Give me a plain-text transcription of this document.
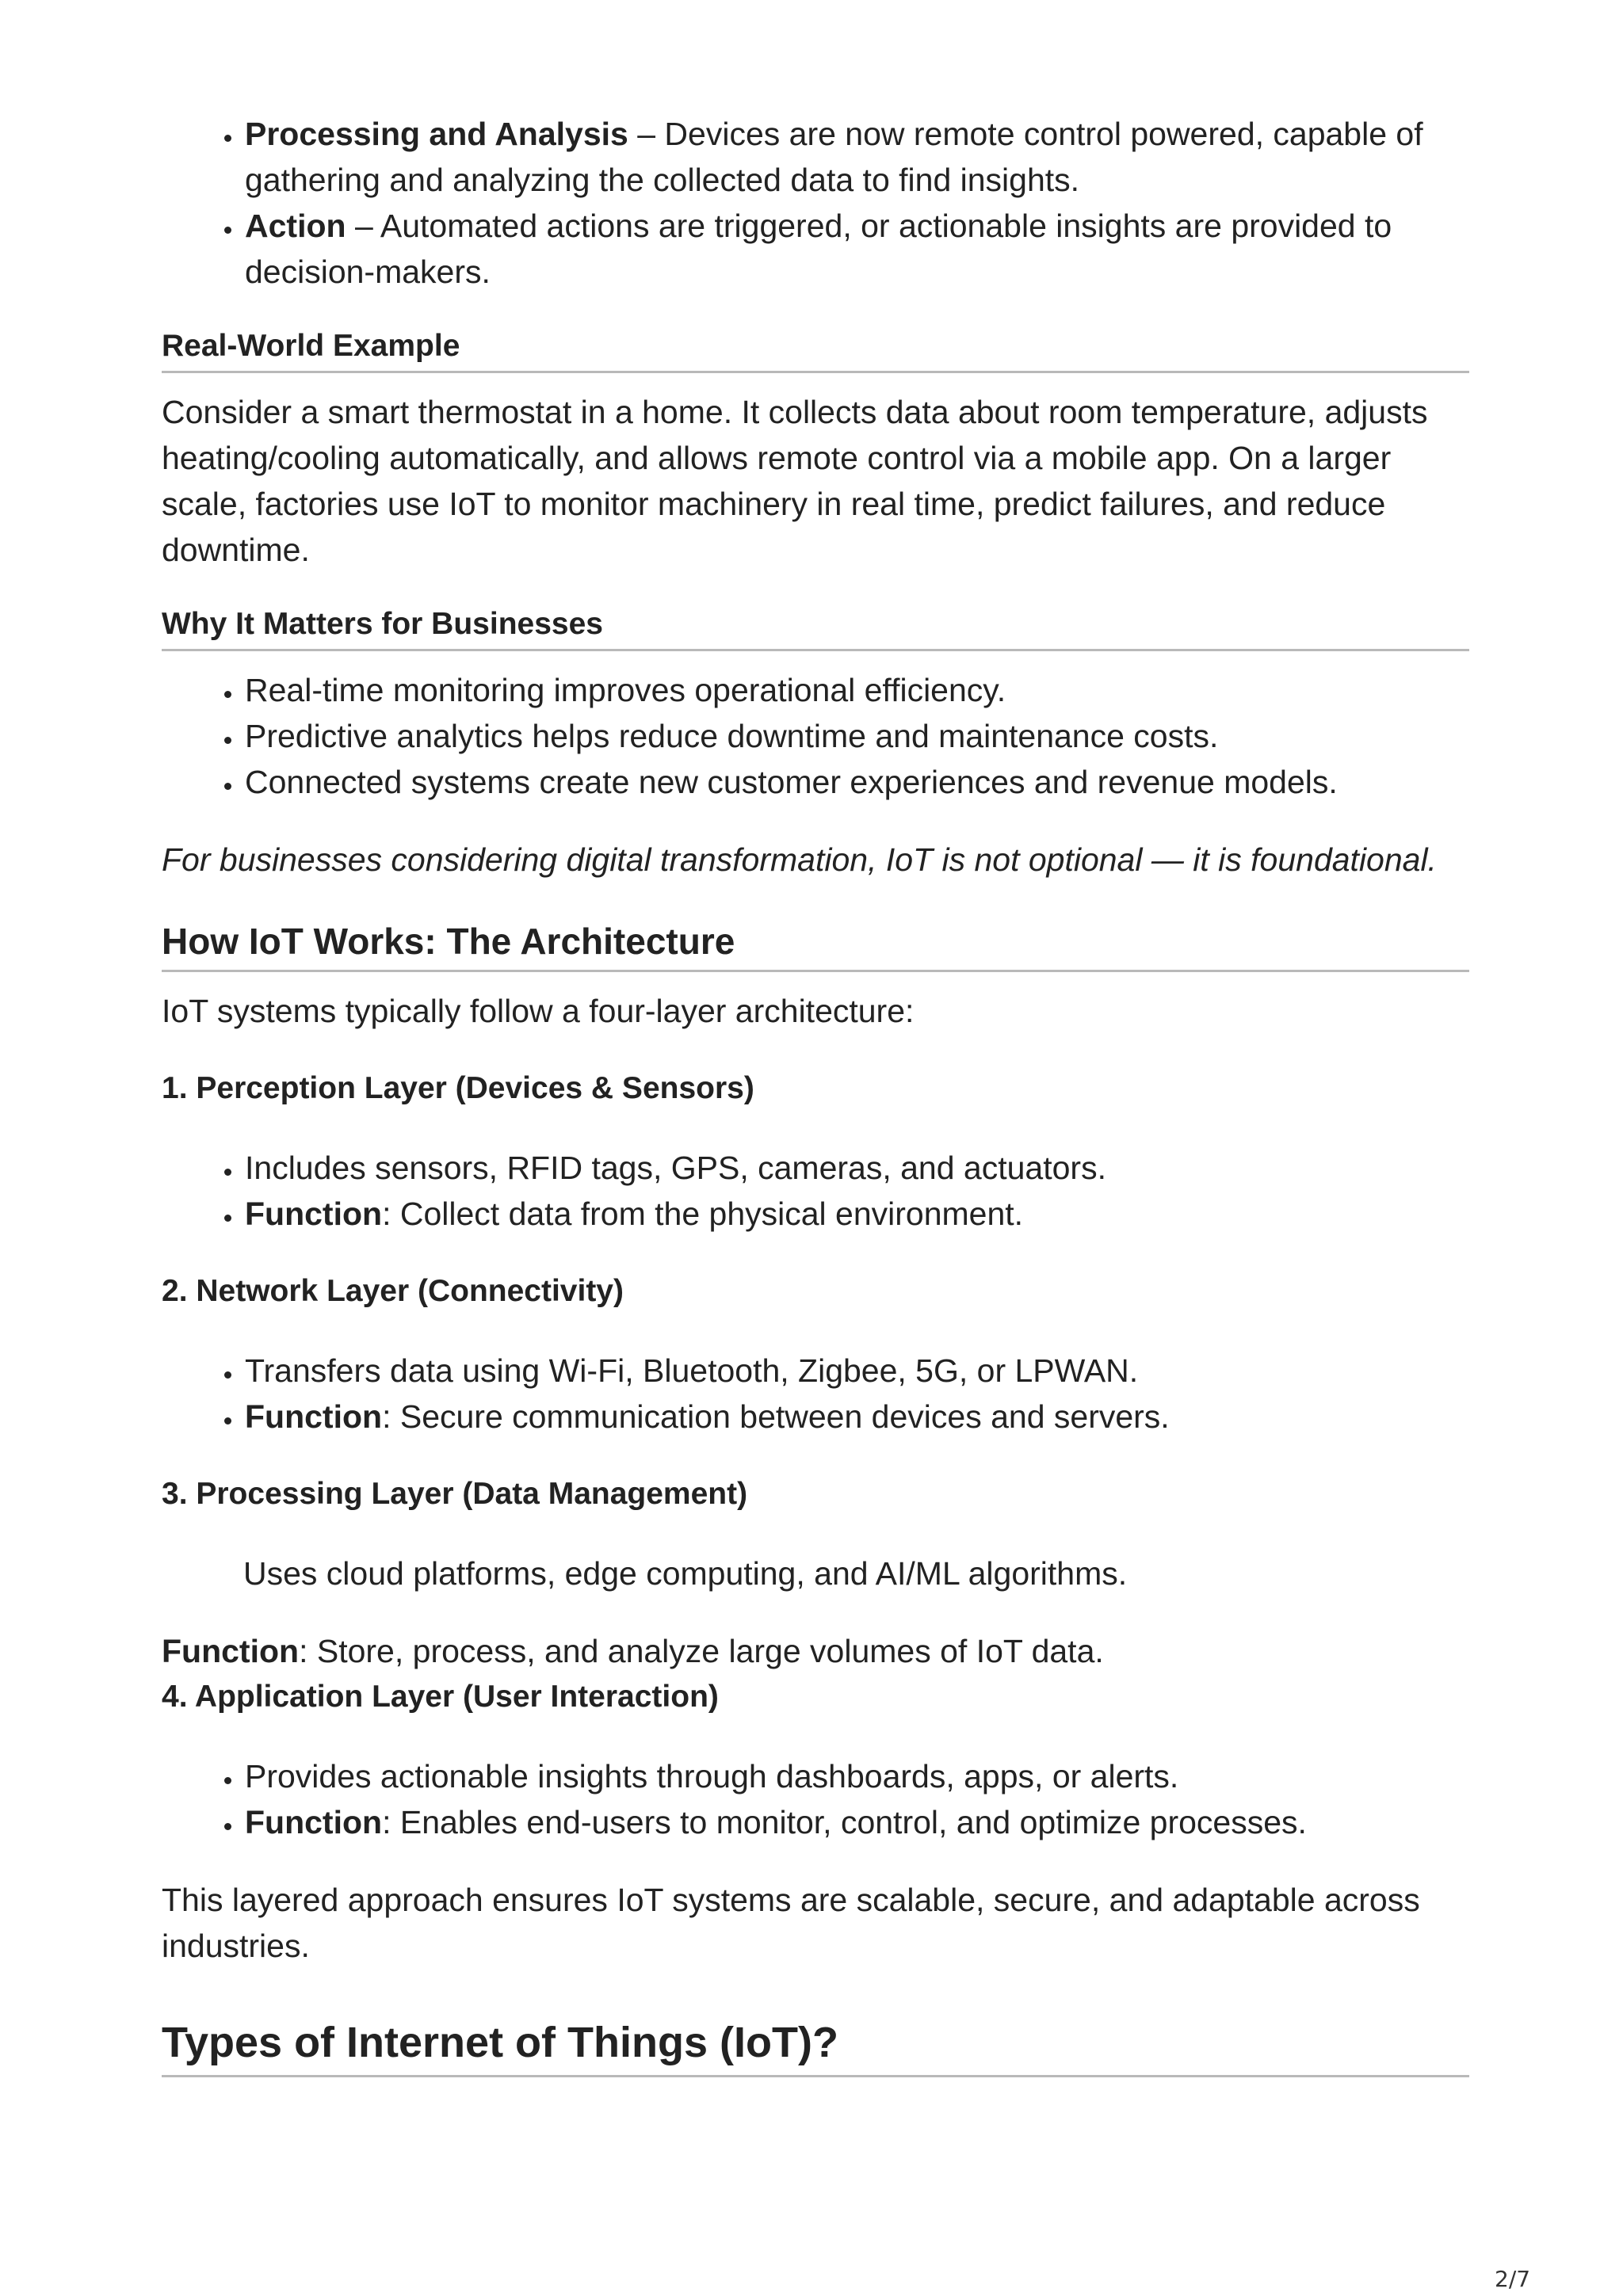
• Processing and Analysis – Devices are now remote control powered, capable of gathering and analyzing the collected data to find insights.
• Action – Automated actions are triggered, or actionable insights are provided to decision-makers.
Real-World Example

Consider a smart thermostat in a home. It collects data about room temperature, adjusts heating/cooling automatically, and allows remote control via a mobile app. On a larger scale, factories use IoT to monitor machinery in real time, predict failures, and reduce downtime.

Why It Matters for Businesses
• Real-time monitoring improves operational efficiency.
• Predictive analytics helps reduce downtime and maintenance costs.
• Connected systems create new customer experiences and revenue models.

For businesses considering digital transformation, IoT is not optional — it is foundational.

How IoT Works: The Architecture

IoT systems typically follow a four-layer architecture:

1. Perception Layer (Devices & Sensors)
• Includes sensors, RFID tags, GPS, cameras, and actuators.
• Function: Collect data from the physical environment.
2. Network Layer (Connectivity)
• Transfers data using Wi-Fi, Bluetooth, Zigbee, 5G, or LPWAN.
• Function: Secure communication between devices and servers.
3. Processing Layer (Data Management)

Uses cloud platforms, edge computing, and AI/ML algorithms.

Function: Store, process, and analyze large volumes of IoT data.

4. Application Layer (User Interaction)
• Provides actionable insights through dashboards, apps, or alerts.
• Function: Enables end-users to monitor, control, and optimize processes.

This layered approach ensures IoT systems are scalable, secure, and adaptable across industries.

Types of Internet of Things (IoT)?
2/7
